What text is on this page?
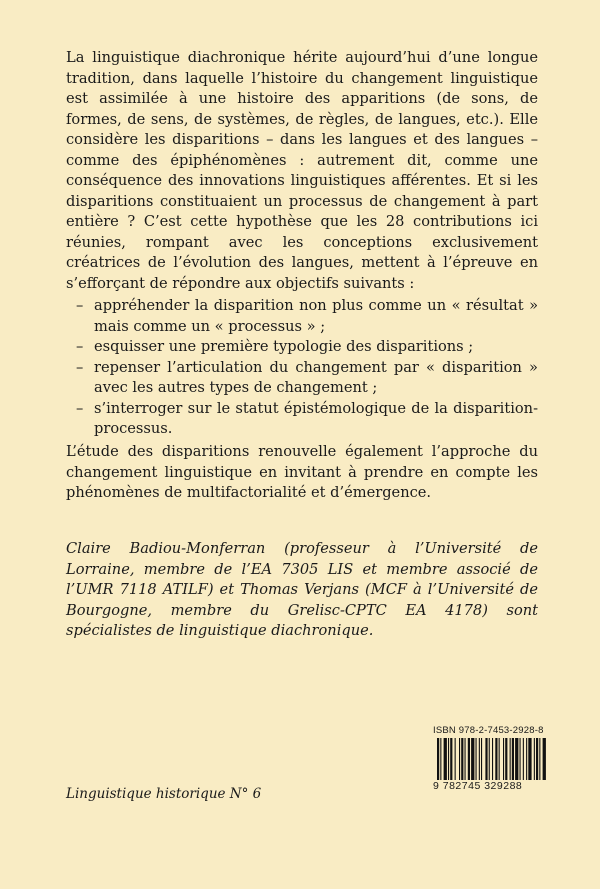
La linguistique diachronique hérite aujourd’hui d’une longue tradition, dans laquelle l’histoire du changement linguistique est assimilée à une histoire des apparitions (de sons, de formes, de sens, de systèmes, de règles, de langues, etc.). Elle considère les disparitions – dans les langues et des langues – comme des épiphénomènes : autrement dit, comme une conséquence des innovations linguistiques afférentes. Et si les disparitions constituaient un processus de changement à part entière ? C’est cette hypothèse que les 28 contributions ici réunies, rompant avec les conceptions exclusivement créatrices de l’évolution des langues, mettent à l’épreuve en s’efforçant de répondre aux objectifs suivants :

– appréhender la disparition non plus comme un « résultat » mais comme un « processus » ;
– esquisser une première typologie des disparitions ;
– repenser l’articulation du changement par « disparition » avec les autres types de changement ;
– s’interroger sur le statut épistémologique de la disparition-processus.

L’étude des disparitions renouvelle également l’approche du changement linguistique en invitant à prendre en compte les phénomènes de multifactorialité et d’émergence.

Claire Badiou-Monferran (professeur à l’Université de Lorraine, membre de l’EA 7305 LIS et membre associé de l’UMR 7118 ATILF) et Thomas Verjans (MCF à l’Université de Bourgogne, membre du Grelisc-CPTC EA 4178) sont spécialistes de linguistique diachronique.

Linguistique historique N° 6

ISBN 978-2-7453-2928-8
9 782745 329288
